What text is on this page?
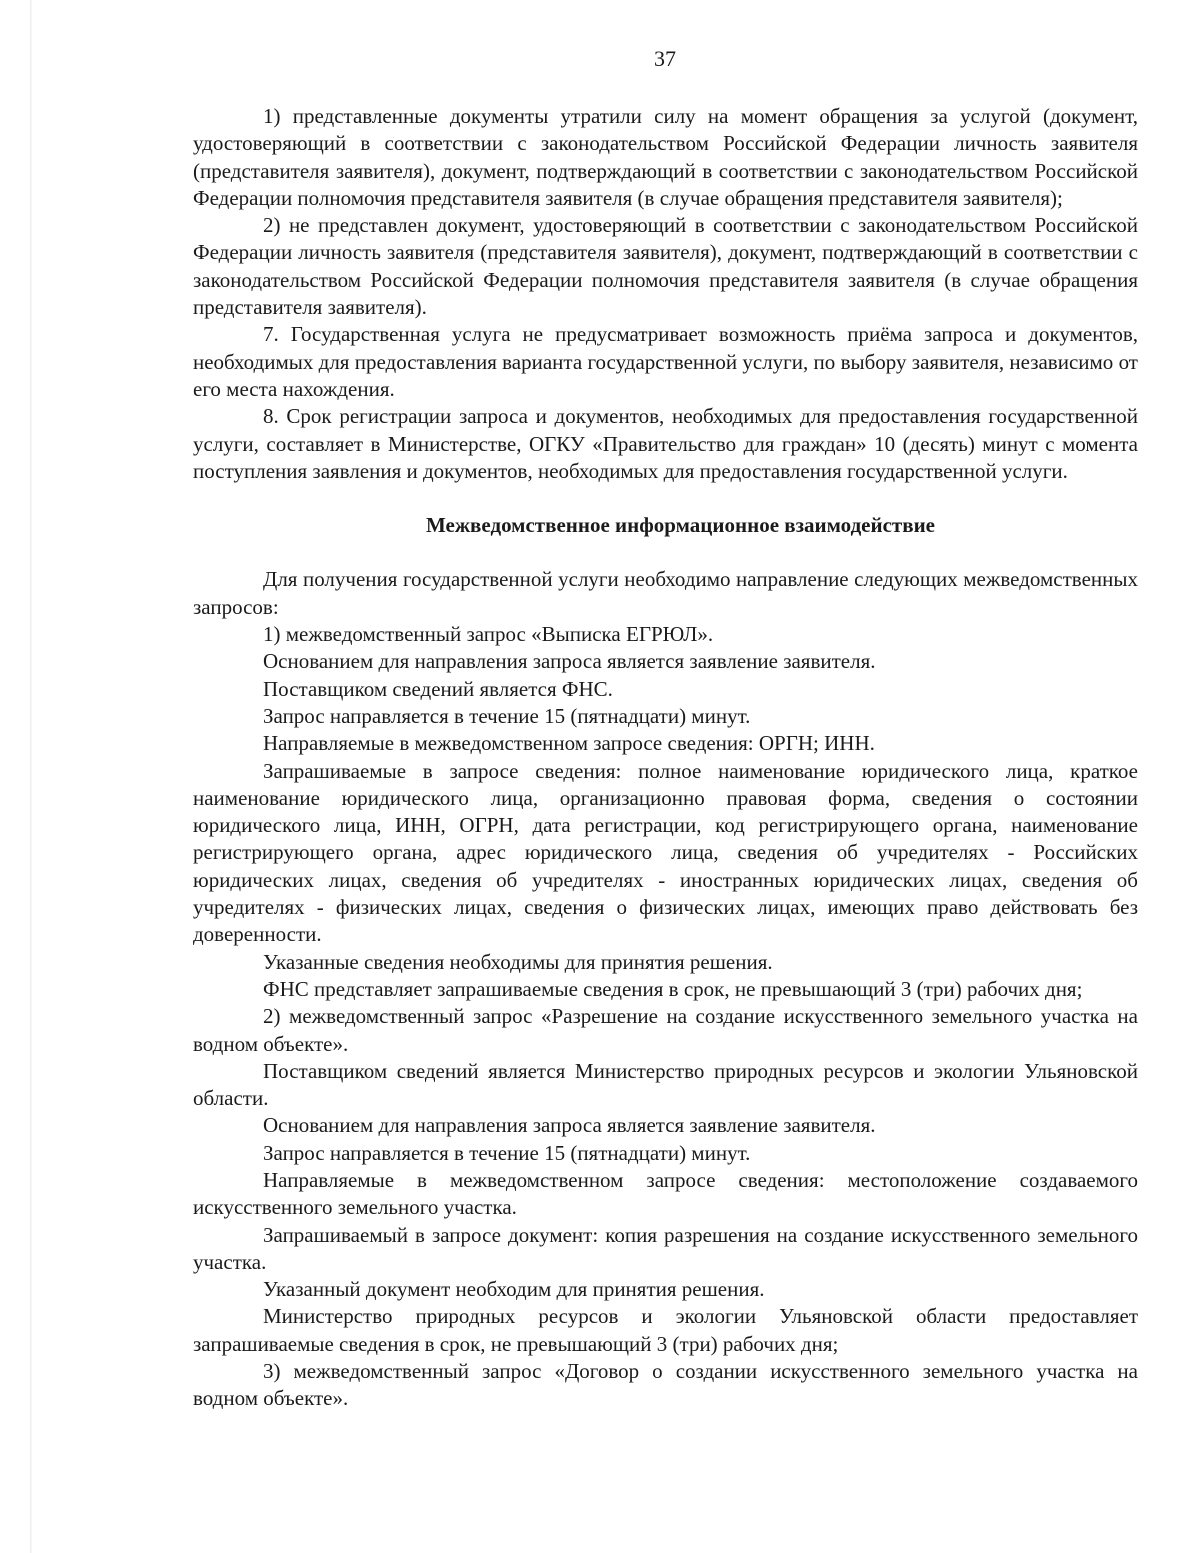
37

1) представленные документы утратили силу на момент обращения за услугой (документ, удостоверяющий в соответствии с законодательством Российской Федерации личность заявителя (представителя заявителя), документ, подтверждающий в соответствии с законодательством Российской Федерации полномочия представителя заявителя (в случае обращения представителя заявителя);

2) не представлен документ, удостоверяющий в соответствии с законодательством Российской Федерации личность заявителя (представителя заявителя), документ, подтверждающий в соответствии с законодательством Российской Федерации полномочия представителя заявителя (в случае обращения представителя заявителя).

7. Государственная услуга не предусматривает возможность приёма запроса и документов, необходимых для предоставления варианта государственной услуги, по выбору заявителя, независимо от его места нахождения.

8. Срок регистрации запроса и документов, необходимых для предоставления государственной услуги, составляет в Министерстве, ОГКУ «Правительство для граждан» 10 (десять) минут с момента поступления заявления и документов, необходимых для предоставления государственной услуги.

Межведомственное информационное взаимодействие

Для получения государственной услуги необходимо направление следующих межведомственных запросов:

1) межведомственный запрос «Выписка ЕГРЮЛ».

Основанием для направления запроса является заявление заявителя.

Поставщиком сведений является ФНС.

Запрос направляется в течение 15 (пятнадцати) минут.

Направляемые в межведомственном запросе сведения: ОРГН; ИНН.

Запрашиваемые в запросе сведения: полное наименование юридического лица, краткое наименование юридического лица, организационно правовая форма, сведения о состоянии юридического лица, ИНН, ОГРН, дата регистрации, код регистрирующего органа, наименование регистрирующего органа, адрес юридического лица, сведения об учредителях - Российских юридических лицах, сведения об учредителях - иностранных юридических лицах, сведения об учредителях - физических лицах, сведения о физических лицах, имеющих право действовать без доверенности.

Указанные сведения необходимы для принятия решения.

ФНС представляет запрашиваемые сведения в срок, не превышающий 3 (три) рабочих дня;

2) межведомственный запрос «Разрешение на создание искусственного земельного участка на водном объекте».

Поставщиком сведений является Министерство природных ресурсов и экологии Ульяновской области.

Основанием для направления запроса является заявление заявителя.

Запрос направляется в течение 15 (пятнадцати) минут.

Направляемые в межведомственном запросе сведения: местоположение создаваемого искусственного земельного участка.

Запрашиваемый в запросе документ: копия разрешения на создание искусственного земельного участка.

Указанный документ необходим для принятия решения.

Министерство природных ресурсов и экологии Ульяновской области предоставляет запрашиваемые сведения в срок, не превышающий 3 (три) рабочих дня;

3) межведомственный запрос «Договор о создании искусственного земельного участка на водном объекте».
